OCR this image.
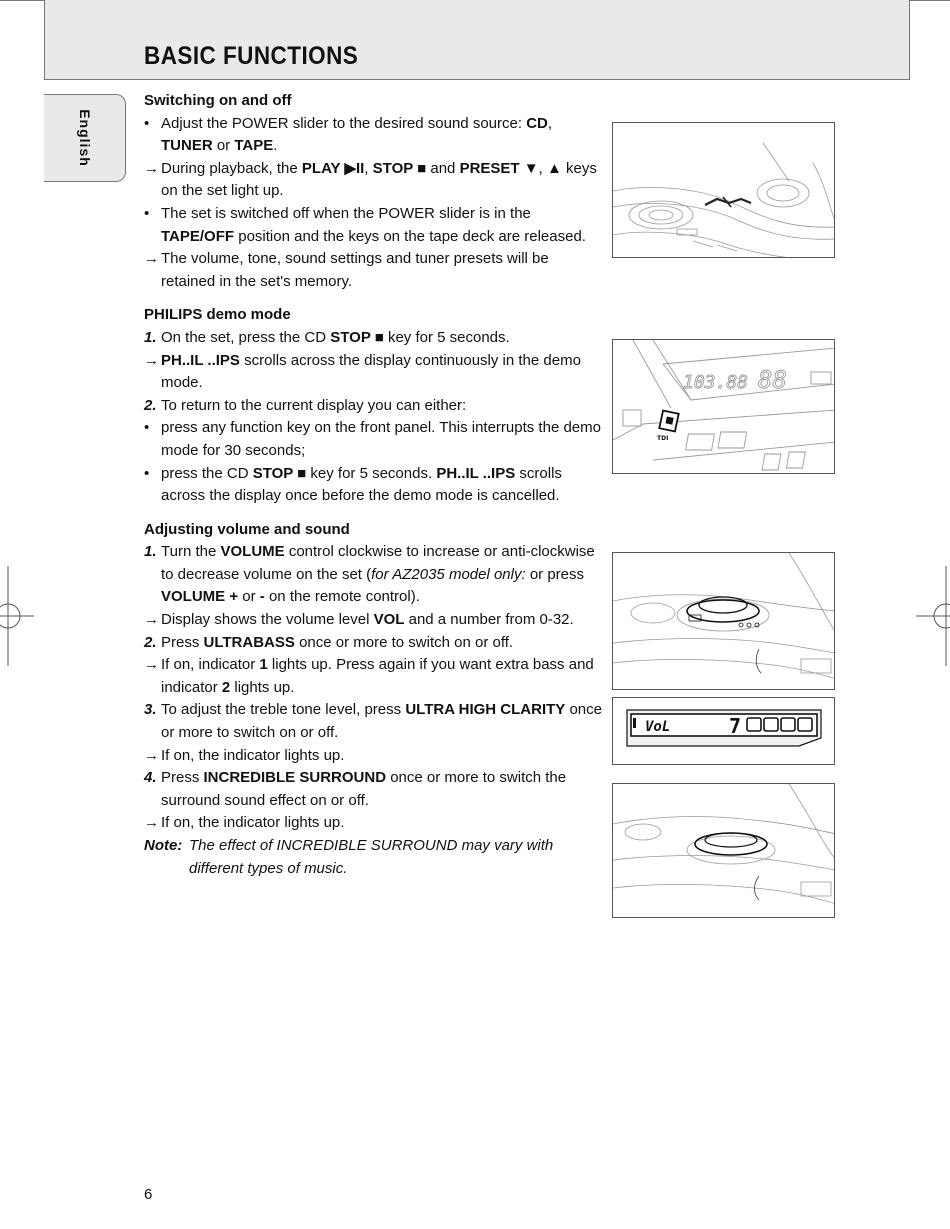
BASIC FUNCTIONS
English
Switching on and off
• Adjust the POWER slider to the desired sound source: CD, TUNER or TAPE.
→ During playback, the PLAY ▶II, STOP ■ and PRESET ▼, ▲ keys on the set light up.
• The set is switched off when the POWER slider is in the TAPE/OFF position and the keys on the tape deck are released.
→ The volume, tone, sound settings and tuner presets will be retained in the set's memory.
PHILIPS demo mode
1. On the set, press the CD STOP ■ key for 5 seconds.
→ PH..IL ..IPS scrolls across the display continuously in the demo mode.
2. To return to the current display you can either:
• press any function key on the front panel. This interrupts the demo mode for 30 seconds;
• press the CD STOP ■ key for 5 seconds. PH..IL ..IPS scrolls across the display once before the demo mode is cancelled.
Adjusting volume and sound
1. Turn the VOLUME control clockwise to increase or anti-clockwise to decrease volume on the set (for AZ2035 model only: or press VOLUME + or - on the remote control).
→ Display shows the volume level VOL and a number from 0-32.
2. Press ULTRABASS once or more to switch on or off.
→ If on, indicator 1 lights up. Press again if you want extra bass and indicator 2 lights up.
3. To adjust the treble tone level, press ULTRA HIGH CLARITY once or more to switch on or off.
→ If on, the indicator lights up.
4. Press INCREDIBLE SURROUND once or more to switch the surround sound effect on or off.
→ If on, the indicator lights up.
Note: The effect of INCREDIBLE SURROUND may vary with different types of music.
103.88 88
TDI
VoL	7
6
